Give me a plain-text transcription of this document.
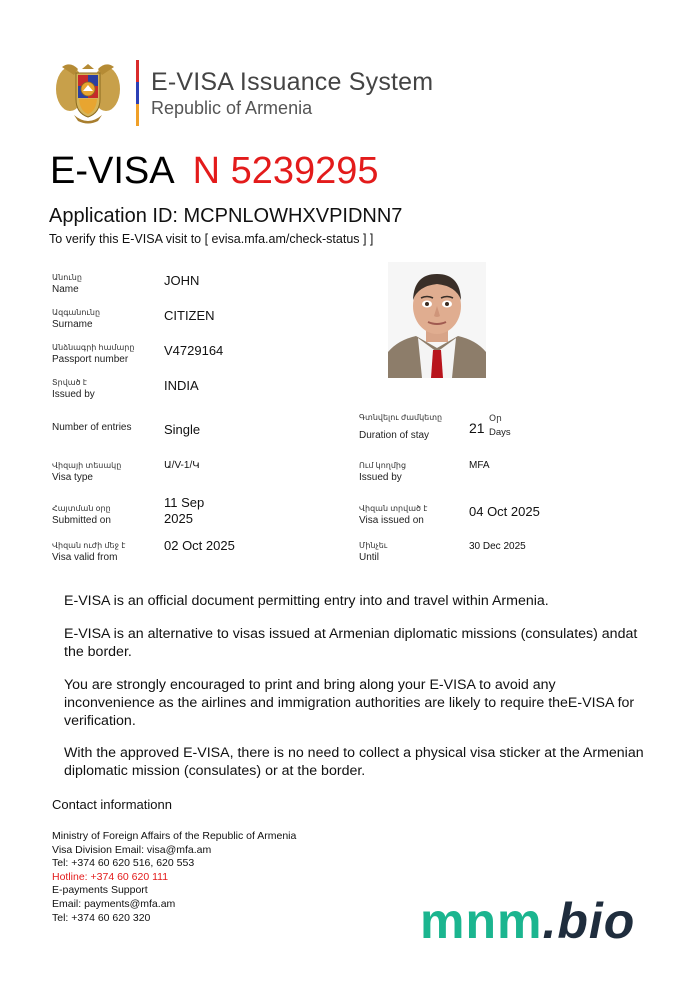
E-VISA Issuance System
Republic of Armenia
E-VISA N 5239295
Application ID: MCPNLOWHXVPIDNN7
To verify this E-VISA visit to [ evisa.mfa.am/check-status ] ]
Անունը
Name
JOHN
Ազգանունը
Surname
CITIZEN
Անձնագրի համարը
Passport number
V4729164
Տրված է
Issued by
INDIA
Number of entries	Single
Վիզայի տեսակը
Visa type
Ա/V-1/Կ
Հայտման օրը
Submitted on
11 Sep 2025
Վիզան ուժի մեջ է
Visa valid from
02 Oct 2025
Գտնվելու ժամկետը
Duration of stay	21
Օր
Days
Ում կողմից
Issued by
MFA
Վիզան տրված է
Visa issued on
04 Oct 2025
Մինչեւ
Until
30 Dec 2025
E-VISA is an official document permitting entry into and travel within Armenia.
E-VISA is an alternative to visas issued at Armenian diplomatic missions (consulates) andat the border.
You are strongly encouraged to print and bring along your E-VISA to avoid any inconvenience as the airlines and immigration authorities are likely to require theE-VISA for verification.
With the approved E-VISA, there is no need to collect a physical visa sticker at the Armenian diplomatic mission (consulates) or at the border.
Contact informationn
Ministry of Foreign Affairs of the Republic of Armenia
Visa Division Email: visa@mfa.am
Tel: +374 60 620 516, 620 553
Hotline: +374 60 620 111
E-payments Support
Email: payments@mfa.am
Tel: +374 60 620 320	mnm.bio
